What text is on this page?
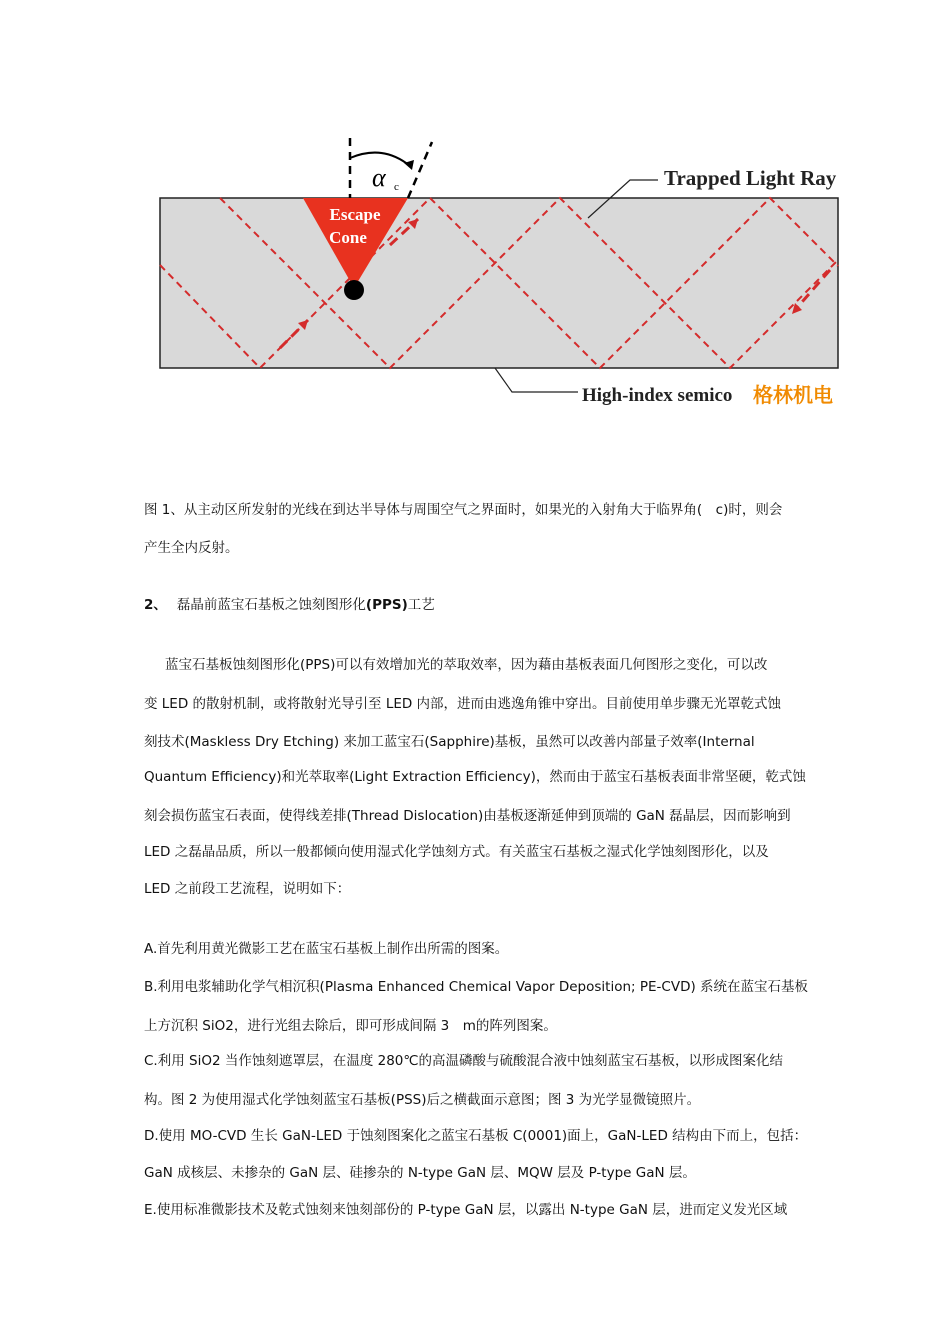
Escape
Cone
α c	Trapped Light Ray
High-index semico 格林机电
图 1、从主动区所发射的光线在到达半导体与周围空气之界面时，如果光的入射角大于临界角(　c)时，则会
产生全内反射。
2、 磊晶前蓝宝石基板之蚀刻图形化(PPS)工艺
蓝宝石基板蚀刻图形化(PPS)可以有效增加光的萃取效率，因为藉由基板表面几何图形之变化，可以改
变 LED 的散射机制，或将散射光导引至 LED 内部，进而由逃逸角锥中穿出。目前使用单步骤无光罩乾式蚀
刻技术(Maskless Dry Etching) 来加工蓝宝石(Sapphire)基板，虽然可以改善内部量子效率(Internal
Quantum Efficiency)和光萃取率(Light Extraction Efficiency)，然而由于蓝宝石基板表面非常坚硬，乾式蚀
刻会损伤蓝宝石表面，使得线差排(Thread Dislocation)由基板逐渐延伸到顶端的 GaN 磊晶层，因而影响到
LED 之磊晶品质，所以一般都倾向使用湿式化学蚀刻方式。有关蓝宝石基板之湿式化学蚀刻图形化，以及
LED 之前段工艺流程，说明如下：
A.首先利用黄光微影工艺在蓝宝石基板上制作出所需的图案。
B.利用电浆辅助化学气相沉积(Plasma Enhanced Chemical Vapor Deposition; PE-CVD) 系统在蓝宝石基板
上方沉积 SiO2，进行光组去除后，即可形成间隔 3　m的阵列图案。
C.利用 SiO2 当作蚀刻遮罩层，在温度 280℃的高温磷酸与硫酸混合液中蚀刻蓝宝石基板，以形成图案化结
构。图 2 为使用湿式化学蚀刻蓝宝石基板(PSS)后之横截面示意图；图 3 为光学显微镜照片。
D.使用 MO-CVD 生长 GaN-LED 于蚀刻图案化之蓝宝石基板 C(0001)面上，GaN-LED 结构由下而上，包括：
GaN 成核层、未掺杂的 GaN 层、硅掺杂的 N-type GaN 层、MQW 层及 P-type GaN 层。
E.使用标准微影技术及乾式蚀刻来蚀刻部份的 P-type GaN 层，以露出 N-type GaN 层，进而定义发光区域
